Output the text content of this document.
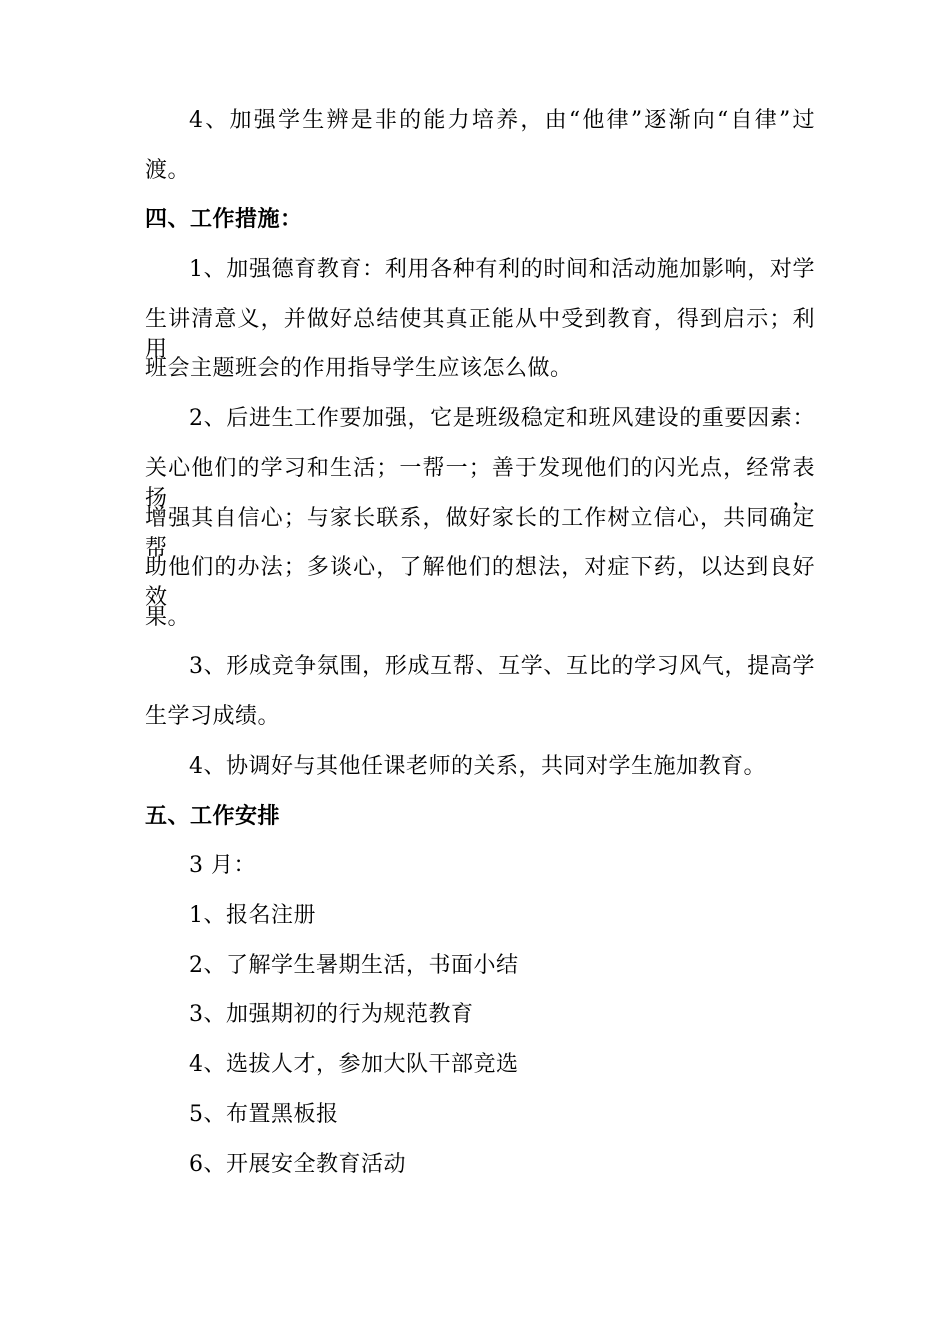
4、加强学生辨是非的能力培养，由“他律”逐渐向“自律”过
渡。
四、工作措施：
1、加强德育教育：利用各种有利的时间和活动施加影响，对学
生讲清意义，并做好总结使其真正能从中受到教育，得到启示；利用
班会主题班会的作用指导学生应该怎么做。
2、后进生工作要加强，它是班级稳定和班风建设的重要因素：
关心他们的学习和生活；一帮一；善于发现他们的闪光点，经常表扬，
增强其自信心；与家长联系，做好家长的工作树立信心，共同确定帮
助他们的办法；多谈心，了解他们的想法，对症下药，以达到良好效
果。
3、形成竞争氛围，形成互帮、互学、互比的学习风气，提高学
生学习成绩。
4、协调好与其他任课老师的关系，共同对学生施加教育。
五、工作安排
3 月：
1、报名注册
2、了解学生暑期生活，书面小结
3、加强期初的行为规范教育
4、选拔人才，参加大队干部竞选
5、布置黑板报
6、开展安全教育活动
